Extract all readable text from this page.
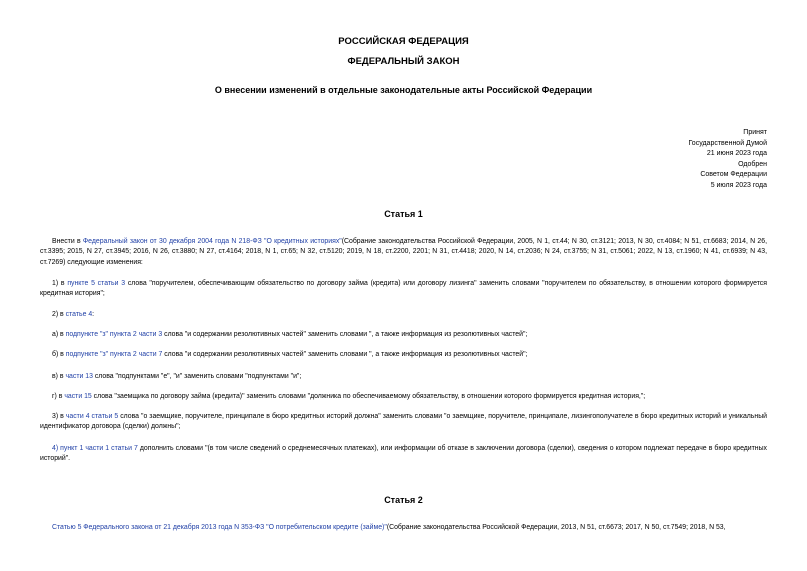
РОССИЙСКАЯ ФЕДЕРАЦИЯ
ФЕДЕРАЛЬНЫЙ ЗАКОН
О внесении изменений в отдельные законодательные акты Российской Федерации
Принят
Государственной Думой
21 июня 2023 года
Одобрен
Советом Федерации
5 июля 2023 года
Статья 1
Внести в Федеральный закон от 30 декабря 2004 года N 218-ФЗ "О кредитных историях"(Собрание законодательства Российской Федерации, 2005, N 1, ст.44; N 30, ст.3121; 2013, N 30, ст.4084; N 51, ст.6683; 2014, N 26, ст.3395; 2015, N 27, ст.3945; 2016, N 26, ст.3880; N 27, ст.4164; 2018, N 1, ст.65; N 32, ст.5120; 2019, N 18, ст.2200, 2201; N 31, ст.4418; 2020, N 14, ст.2036; N 24, ст.3755; N 31, ст.5061; 2022, N 13, ст.1960; N 41, ст.6939; N 43, ст.7269) следующие изменения:
1) в пункте 5 статьи 3 слова "поручителем, обеспечивающим обязательство по договору займа (кредита) или договору лизинга" заменить словами "поручителем по обязательству, в отношении которого формируется кредитная история";
2) в статье 4:
а) в подпункте "з" пункта 2 части 3 слова "и содержании резолютивных частей" заменить словами ", а также информация из резолютивных частей";
б) в подпункте "з" пункта 2 части 7 слова "и содержании резолютивных частей" заменить словами ", а также информация из резолютивных частей";
в) в части 13 слова "подпунктами "е", "и" заменить словами "подпунктами "и";
г) в части 15 слова "заемщика по договору займа (кредита)" заменить словами "должника по обеспечиваемому обязательству, в отношении которого формируется кредитная история,";
3) в части 4 статьи 5 слова "о заемщике, поручителе, принципале в бюро кредитных историй должна" заменить словами "о заемщике, поручителе, принципале, лизингополучателе в бюро кредитных историй и уникальный идентификатор договора (сделки) должны";
4) пункт 1 части 1 статьи 7 дополнить словами "(в том числе сведений о среднемесячных платежах), или информации об отказе в заключении договора (сделки), сведения о котором подлежат передаче в бюро кредитных историй".
Статья 2
Статью 5 Федерального закона от 21 декабря 2013 года N 353-ФЗ "О потребительском кредите (займе)"(Собрание законодательства Российской Федерации, 2013, N 51, ст.6673; 2017, N 50, ст.7549; 2018, N 53,
